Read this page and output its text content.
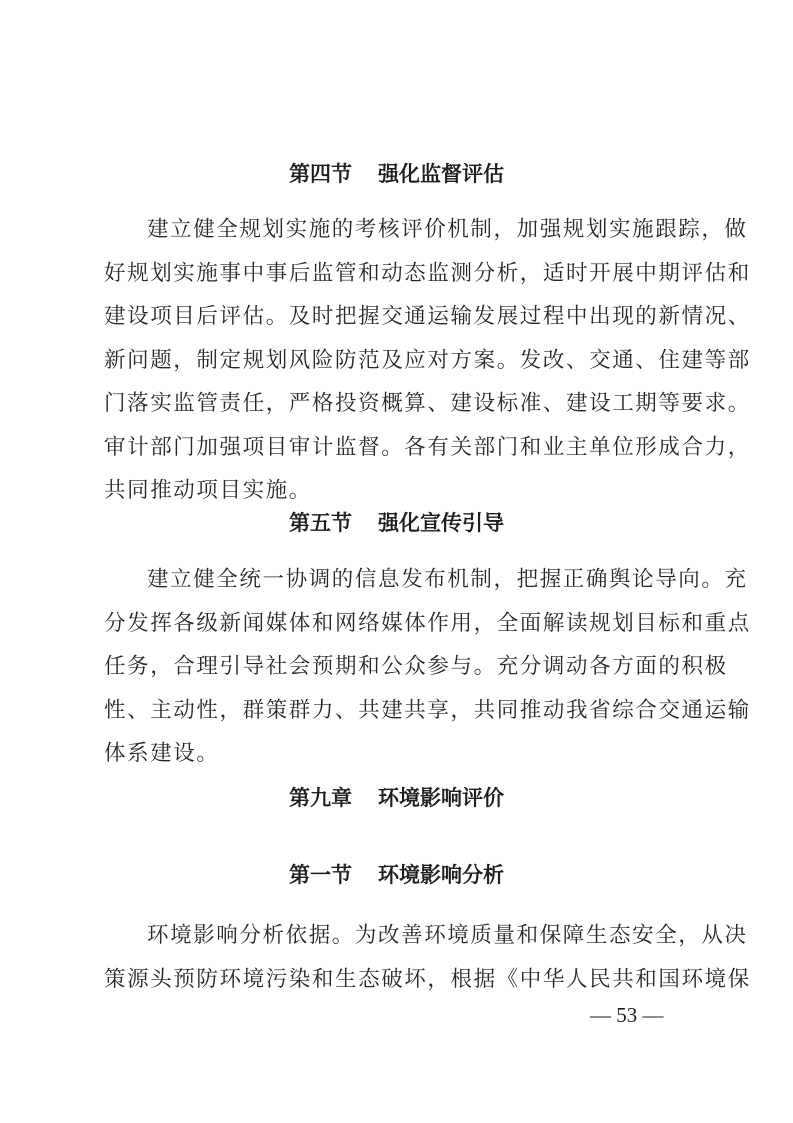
第四节 强化监督评估
建立健全规划实施的考核评价机制，加强规划实施跟踪，做
好规划实施事中事后监管和动态监测分析，适时开展中期评估和
建设项目后评估。及时把握交通运输发展过程中出现的新情况、
新问题，制定规划风险防范及应对方案。发改、交通、住建等部
门落实监管责任，严格投资概算、建设标准、建设工期等要求。
审计部门加强项目审计监督。各有关部门和业主单位形成合力，
共同推动项目实施。
第五节 强化宣传引导
建立健全统一协调的信息发布机制，把握正确舆论导向。充
分发挥各级新闻媒体和网络媒体作用，全面解读规划目标和重点
任务，合理引导社会预期和公众参与。充分调动各方面的积极
性、主动性，群策群力、共建共享，共同推动我省综合交通运输
体系建设。
第九章 环境影响评价
第一节 环境影响分析
环境影响分析依据。为改善环境质量和保障生态安全，从决
策源头预防环境污染和生态破坏，根据《中华人民共和国环境保
— 53 —
